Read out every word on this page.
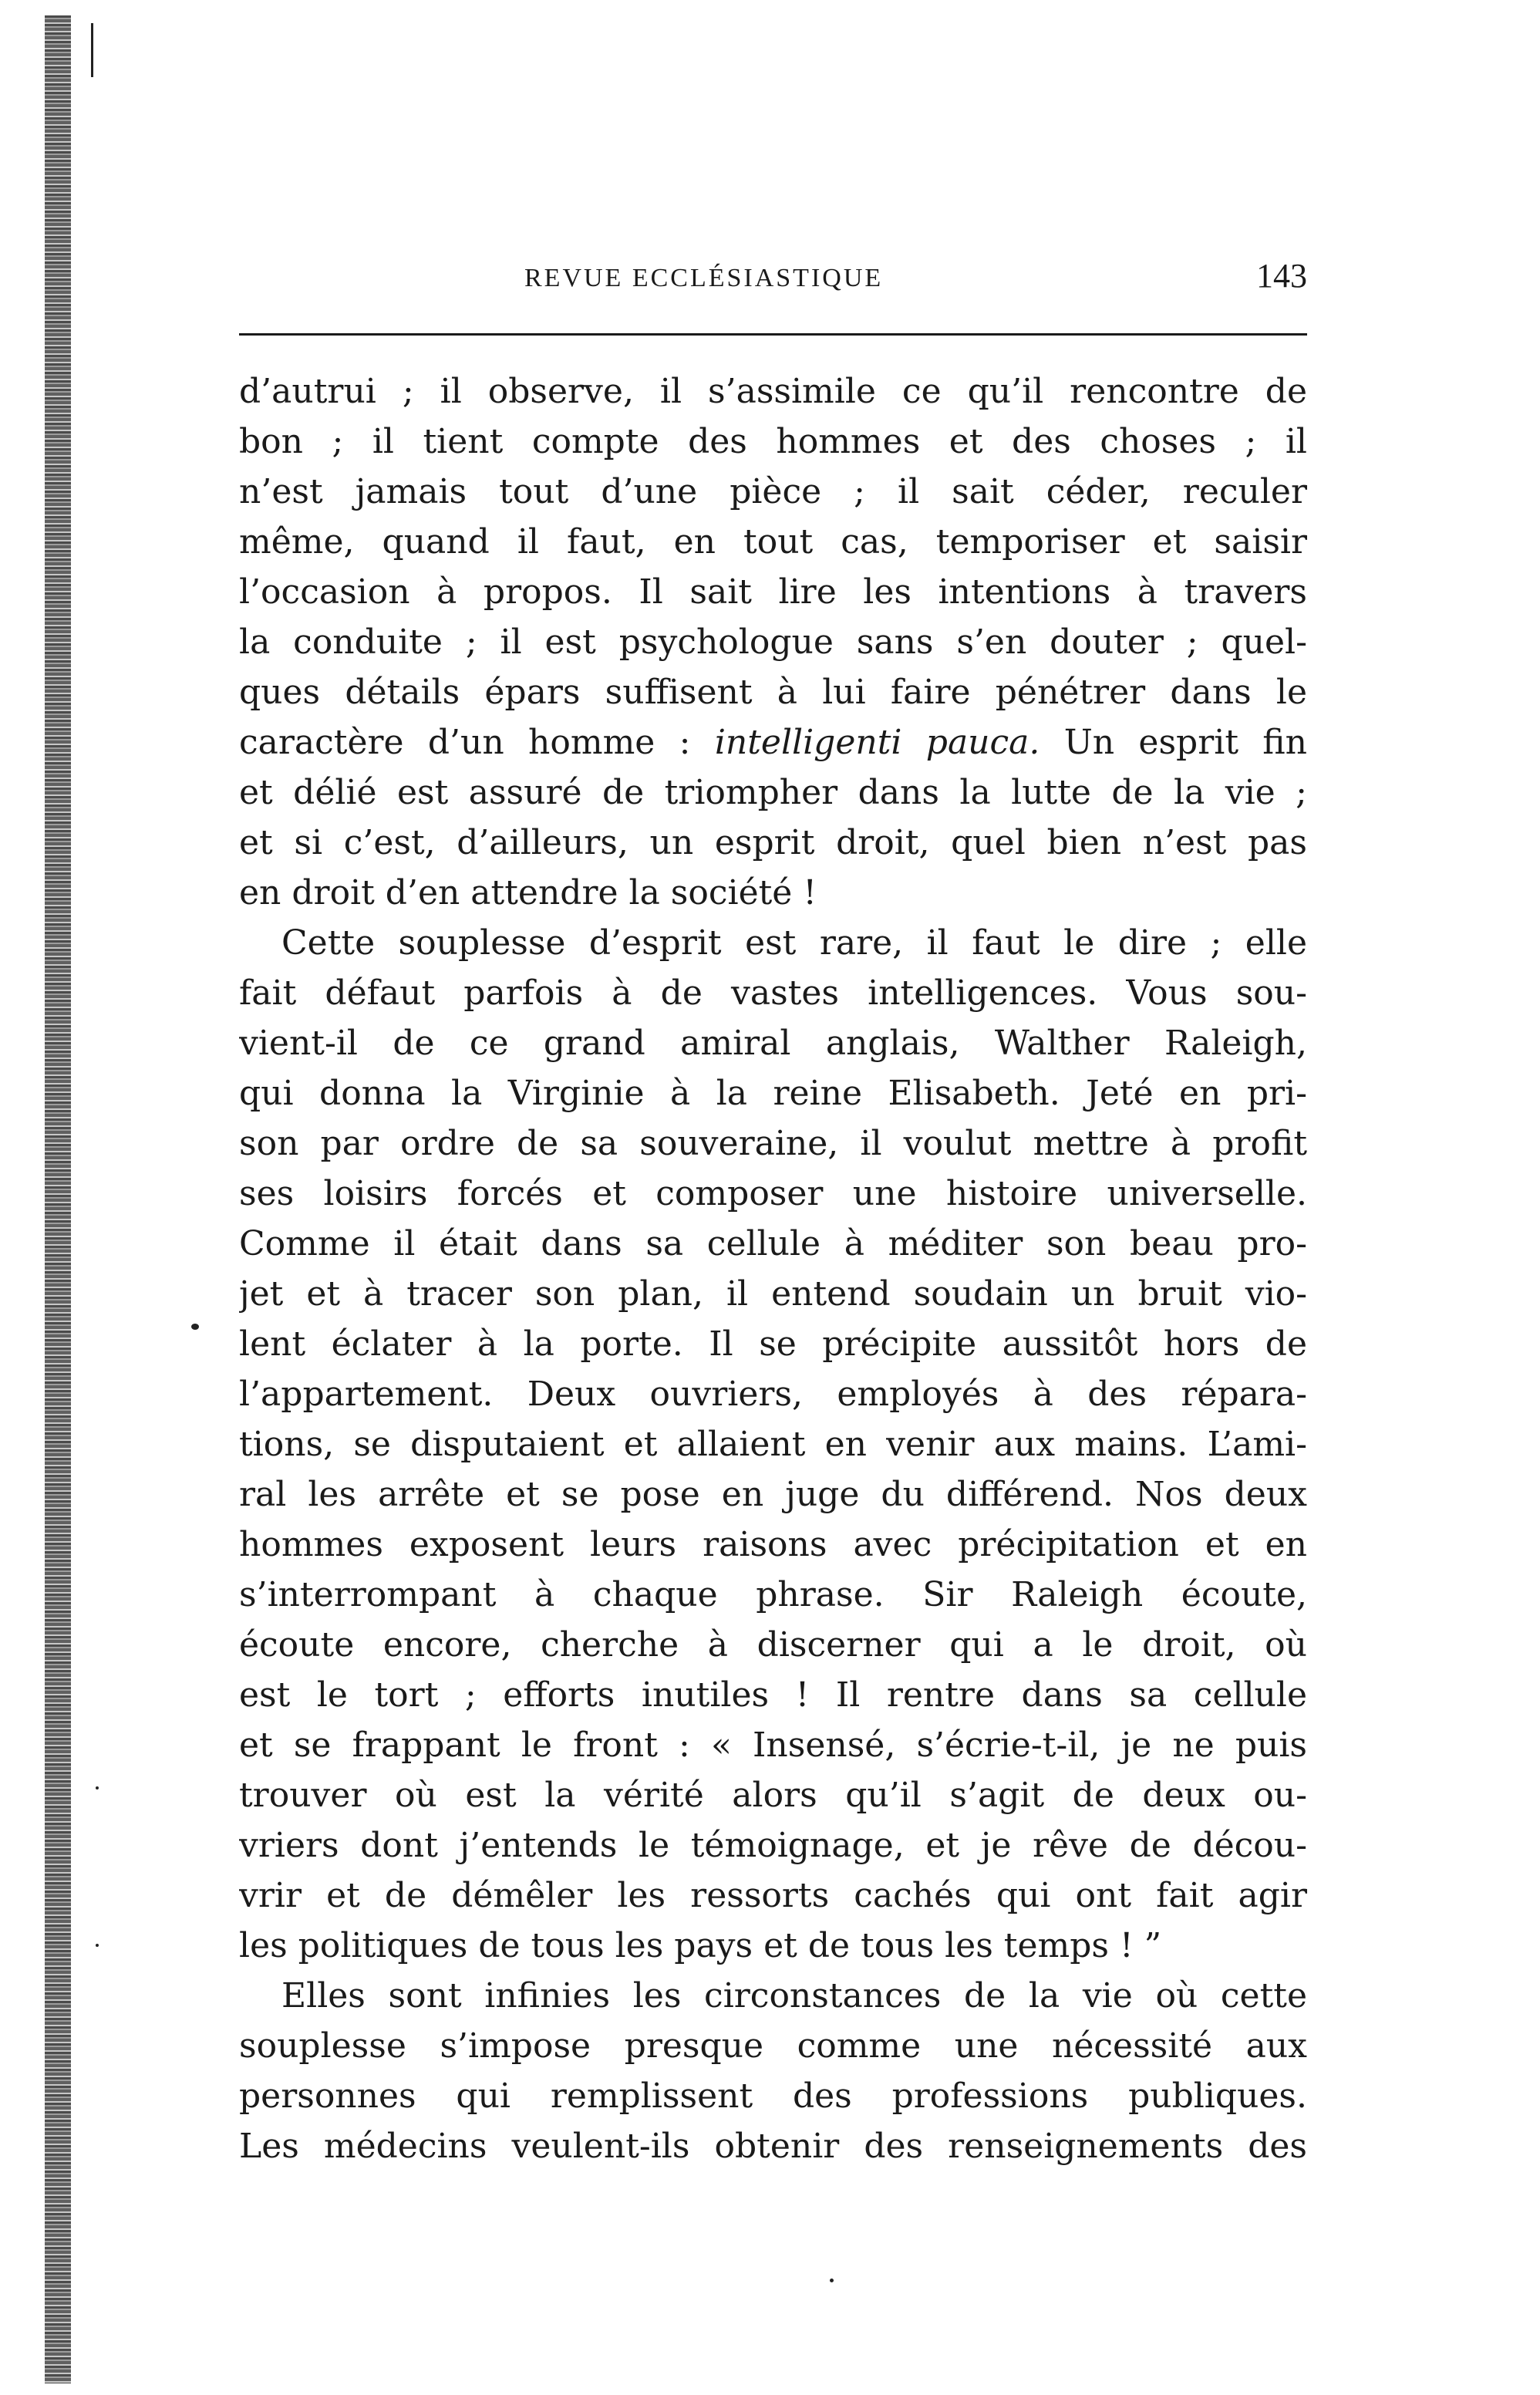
REVUE ECCLÉSIASTIQUE	143
d’autrui ; il observe, il s’assimile ce qu’il rencontre de
bon ; il tient compte des hommes et des choses ; il
n’est jamais tout d’une pièce ; il sait céder, reculer
même, quand il faut, en tout cas, temporiser et saisir
l’occasion à propos. Il sait lire les intentions à travers
la conduite ; il est psychologue sans s’en douter ; quel-
ques détails épars suffisent à lui faire pénétrer dans le
caractère d’un homme : intelligenti pauca. Un esprit fin
et délié est assuré de triompher dans la lutte de la vie ;
et si c’est, d’ailleurs, un esprit droit, quel bien n’est pas
en droit d’en attendre la société !
Cette souplesse d’esprit est rare, il faut le dire ; elle
fait défaut parfois à de vastes intelligences. Vous sou-
vient-il de ce grand amiral anglais, Walther Raleigh,
qui donna la Virginie à la reine Elisabeth. Jeté en pri-
son par ordre de sa souveraine, il voulut mettre à profit
ses loisirs forcés et composer une histoire universelle.
Comme il était dans sa cellule à méditer son beau pro-
jet et à tracer son plan, il entend soudain un bruit vio-
lent éclater à la porte. Il se précipite aussitôt hors de
l’appartement. Deux ouvriers, employés à des répara-
tions, se disputaient et allaient en venir aux mains. L’ami-
ral les arrête et se pose en juge du différend. Nos deux
hommes exposent leurs raisons avec précipitation et en
s’interrompant à chaque phrase. Sir Raleigh écoute,
écoute encore, cherche à discerner qui a le droit, où
est le tort ; efforts inutiles ! Il rentre dans sa cellule
et se frappant le front : « Insensé, s’écrie-t-il, je ne puis
trouver où est la vérité alors qu’il s’agit de deux ou-
vriers dont j’entends le témoignage, et je rêve de décou-
vrir et de démêler les ressorts cachés qui ont fait agir
les politiques de tous les pays et de tous les temps ! ”
Elles sont infinies les circonstances de la vie où cette
souplesse s’impose presque comme une nécessité aux
personnes qui remplissent des professions publiques.
Les médecins veulent-ils obtenir des renseignements des
